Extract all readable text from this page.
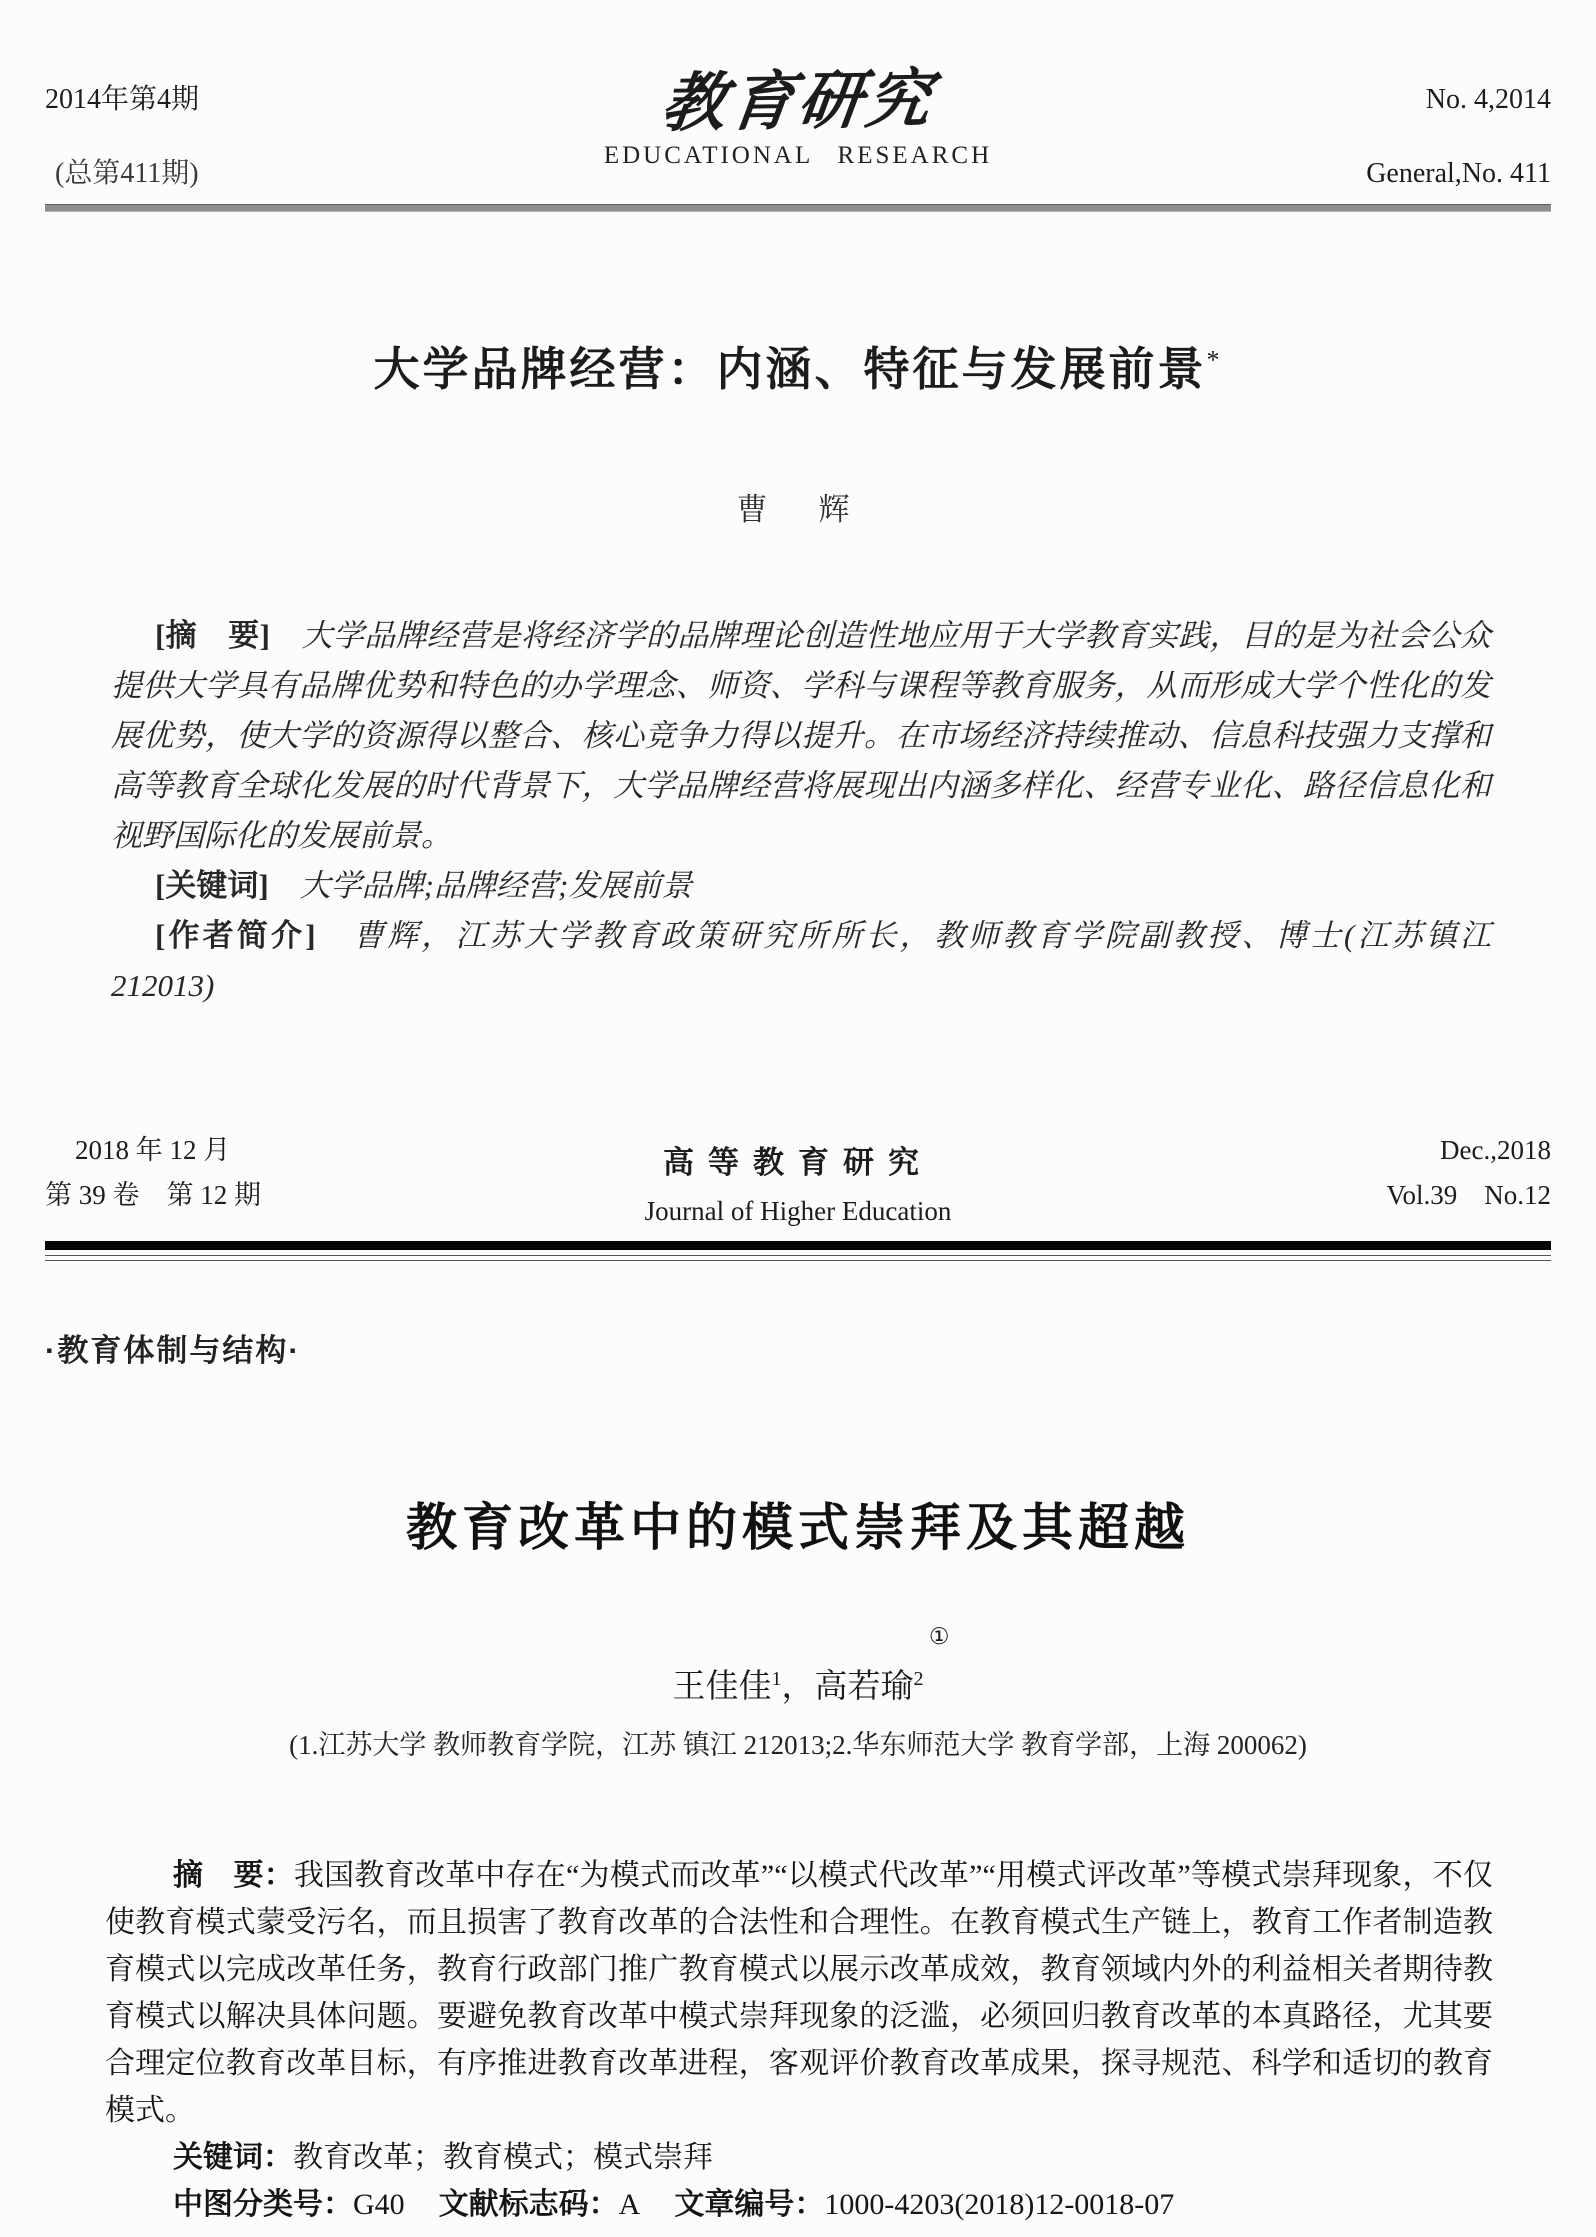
2014年第4期
(总第411期)
教育研究
EDUCATIONAL RESEARCH
No. 4,2014
General,No. 411
大学品牌经营：内涵、特征与发展前景*
曹　辉

[摘　要]　大学品牌经营是将经济学的品牌理论创造性地应用于大学教育实践，目的是为社会公众提供大学具有品牌优势和特色的办学理念、师资、学科与课程等教育服务，从而形成大学个性化的发展优势，使大学的资源得以整合、核心竞争力得以提升。在市场经济持续推动、信息科技强力支撑和高等教育全球化发展的时代背景下，大学品牌经营将展现出内涵多样化、经营专业化、路径信息化和视野国际化的发展前景。

[关键词]　大学品牌;品牌经营;发展前景

[作者简介]　曹辉，江苏大学教育政策研究所所长，教师教育学院副教授、博士(江苏镇江　212013)

2018 年 12 月
第 39 卷　第 12 期
高等教育研究
Journal of Higher Education
Dec.,2018
Vol.39　No.12
·教育体制与结构·
教育改革中的模式崇拜及其超越
①
王佳佳$^1$，高若瑜$^2$
(1.江苏大学 教师教育学院，江苏 镇江 212013;2.华东师范大学 教育学部，上海 200062)

摘　要：我国教育改革中存在“为模式而改革”“以模式代改革”“用模式评改革”等模式崇拜现象，不仅使教育模式蒙受污名，而且损害了教育改革的合法性和合理性。在教育模式生产链上，教育工作者制造教育模式以完成改革任务，教育行政部门推广教育模式以展示改革成效，教育领域内外的利益相关者期待教育模式以解决具体问题。要避免教育改革中模式崇拜现象的泛滥，必须回归教育改革的本真路径，尤其要合理定位教育改革目标，有序推进教育改革进程，客观评价教育改革成果，探寻规范、科学和适切的教育模式。

关键词：教育改革；教育模式；模式崇拜

中图分类号：G40 文献标志码：A 文章编号：1000-4203(2018)12-0018-07
